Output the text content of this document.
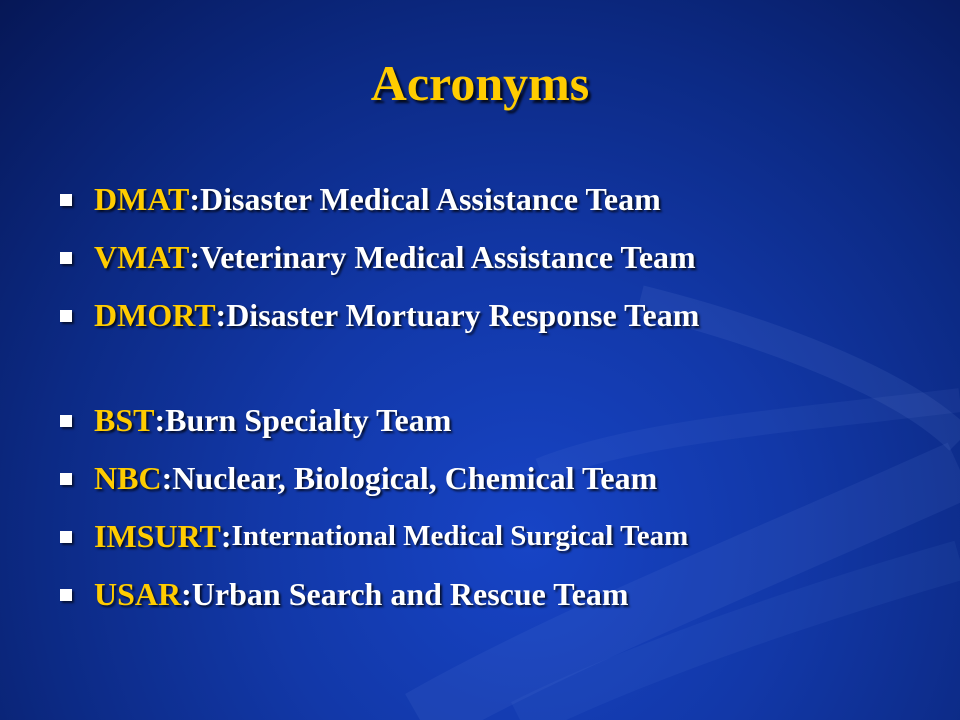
Acronyms
DMAT : Disaster Medical Assistance Team
VMAT : Veterinary Medical Assistance Team
DMORT : Disaster Mortuary Response Team
BST : Burn Specialty Team
NBC : Nuclear, Biological, Chemical Team
IMSURT : International Medical Surgical Team
USAR : Urban Search and Rescue Team
